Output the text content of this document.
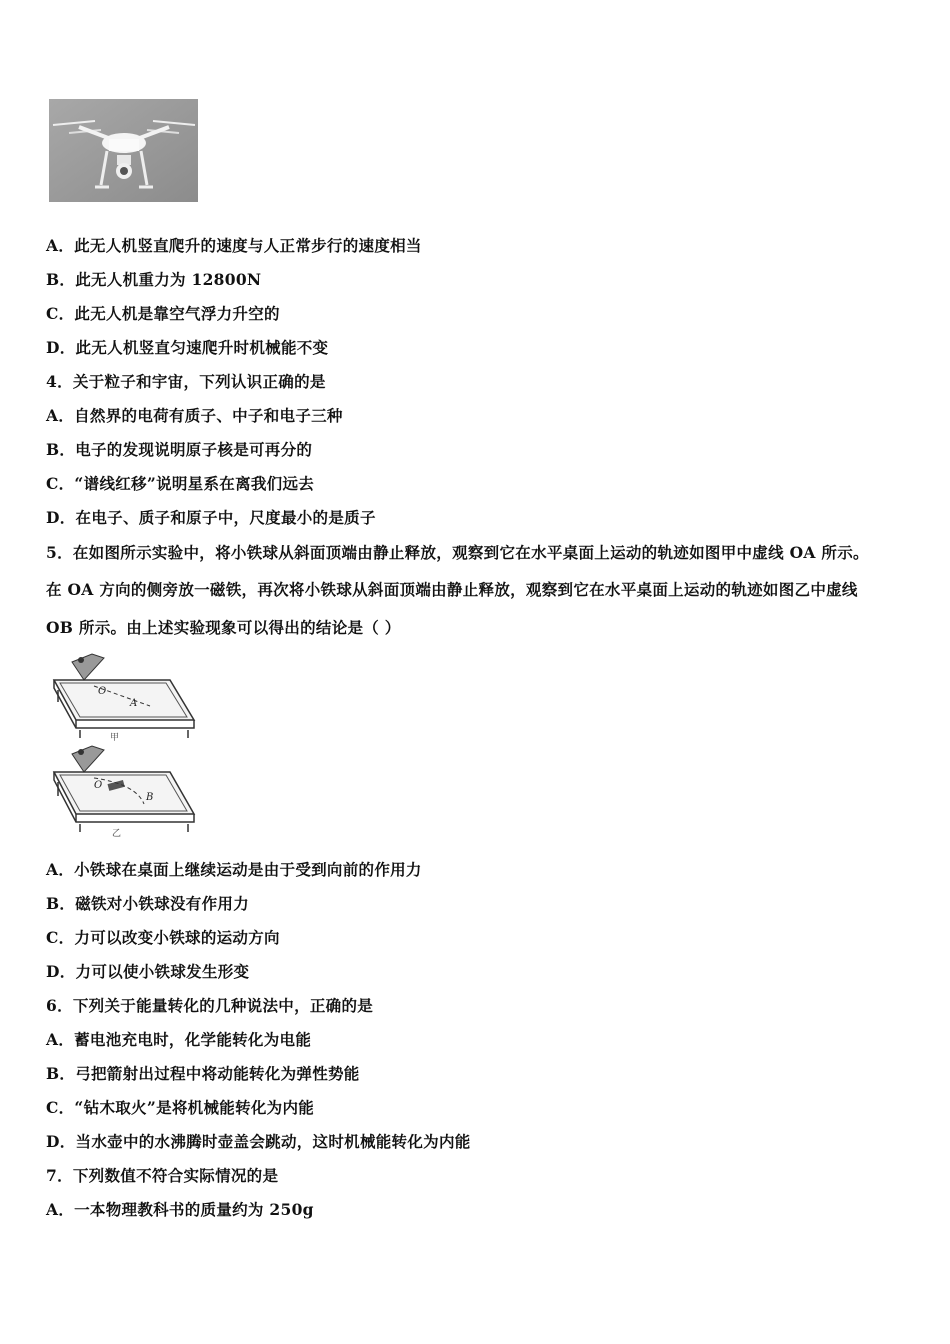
A．此无人机竖直爬升的速度与人正常步行的速度相当
B．此无人机重力为 12800N
C．此无人机是靠空气浮力升空的
D．此无人机竖直匀速爬升时机械能不变
4．关于粒子和宇宙，下列认识正确的是
A．自然界的电荷有质子、中子和电子三种
B．电子的发现说明原子核是可再分的
C．“谱线红移”说明星系在离我们远去
D．在电子、质子和原子中，尺度最小的是质子
5．在如图所示实验中，将小铁球从斜面顶端由静止释放，观察到它在水平桌面上运动的轨迹如图甲中虚线 OA 所示。
在 OA 方向的侧旁放一磁铁，再次将小铁球从斜面顶端由静止释放，观察到它在水平桌面上运动的轨迹如图乙中虚线
OB 所示。由上述实验现象可以得出的结论是（ ）
O
A
甲
O
B
乙
A．小铁球在桌面上继续运动是由于受到向前的作用力
B．磁铁对小铁球没有作用力
C．力可以改变小铁球的运动方向
D．力可以使小铁球发生形变
6．下列关于能量转化的几种说法中，正确的是
A．蓄电池充电时，化学能转化为电能
B．弓把箭射出过程中将动能转化为弹性势能
C．“钻木取火”是将机械能转化为内能
D．当水壶中的水沸腾时壶盖会跳动，这时机械能转化为内能
7．下列数值不符合实际情况的是
A．一本物理教科书的质量约为 250g
